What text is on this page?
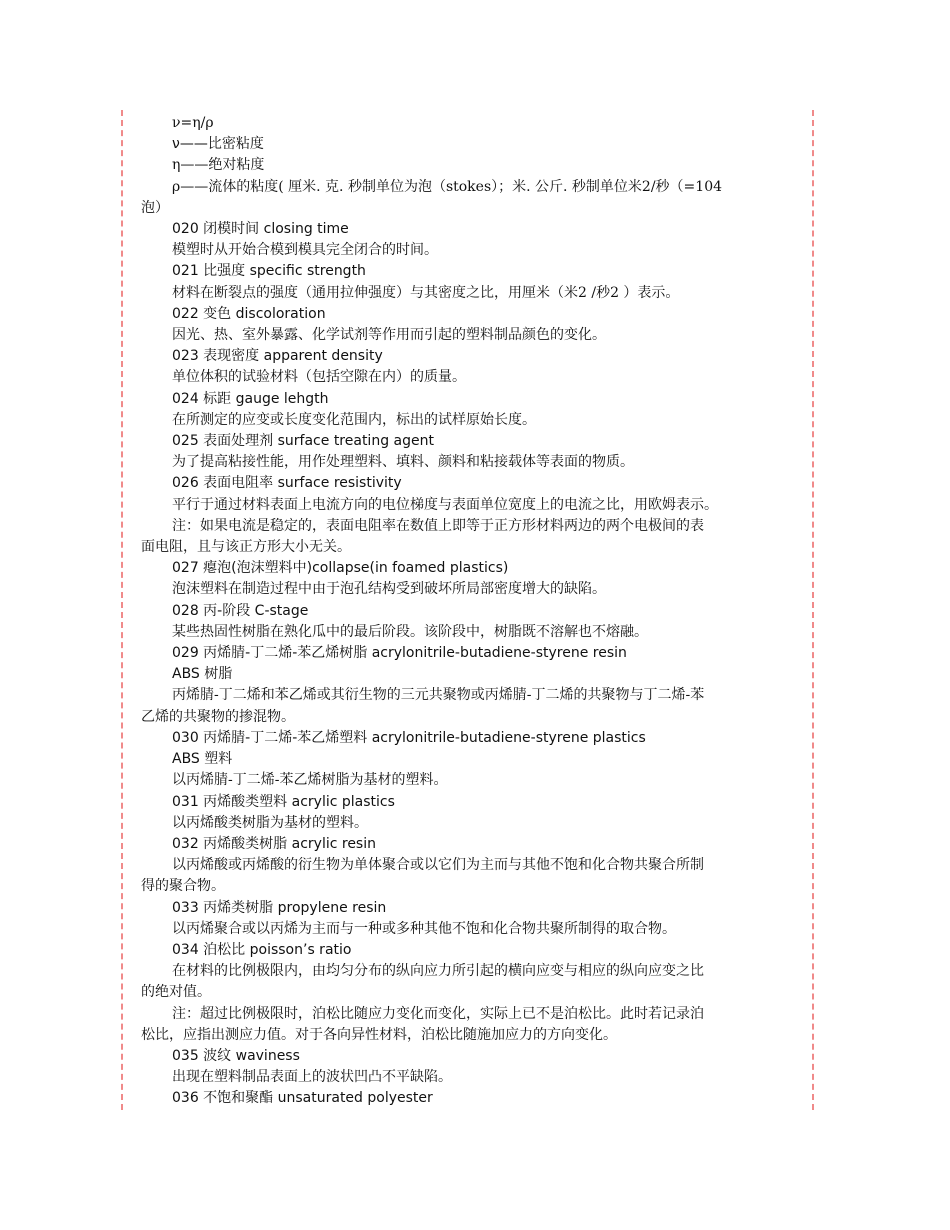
ν=η/ρ
ν——比密粘度
η——绝对粘度
ρ——流体的粘度( 厘米. 克. 秒制单位为泡（stokes）；米. 公斤. 秒制单位米2/秒（=104
泡）
020 闭模时间 closing time
模塑时从开始合模到模具完全闭合的时间。
021 比强度 specific strength
材料在断裂点的强度（通用拉伸强度）与其密度之比，用厘米（米2 /秒2 ）表示。
022 变色 discoloration
因光、热、室外暴露、化学试剂等作用而引起的塑料制品颜色的变化。
023 表现密度 apparent density
单位体积的试验材料（包括空隙在内）的质量。
024 标距 gauge lehgth
在所测定的应变或长度变化范围内，标出的试样原始长度。
025 表面处理剂 surface treating agent
为了提高粘接性能，用作处理塑料、填料、颜料和粘接载体等表面的物质。
026 表面电阻率 surface resistivity
平行于通过材料表面上电流方向的电位梯度与表面单位宽度上的电流之比，用欧姆表示。
注：如果电流是稳定的，表面电阻率在数值上即等于正方形材料两边的两个电极间的表
面电阻，且与该正方形大小无关。
027 瘪泡(泡沫塑料中)collapse(in foamed plastics)
泡沫塑料在制造过程中由于泡孔结构受到破坏所局部密度增大的缺陷。
028 丙-阶段 C-stage
某些热固性树脂在熟化瓜中的最后阶段。该阶段中，树脂既不溶解也不熔融。
029 丙烯腈-丁二烯-苯乙烯树脂 acrylonitrile-butadiene-styrene resin
ABS 树脂
丙烯腈-丁二烯和苯乙烯或其衍生物的三元共聚物或丙烯腈-丁二烯的共聚物与丁二烯-苯
乙烯的共聚物的掺混物。
030 丙烯腈-丁二烯-苯乙烯塑料 acrylonitrile-butadiene-styrene plastics
ABS 塑料
以丙烯腈-丁二烯-苯乙烯树脂为基材的塑料。
031 丙烯酸类塑料 acrylic plastics
以丙烯酸类树脂为基材的塑料。
032 丙烯酸类树脂 acrylic resin
以丙烯酸或丙烯酸的衍生物为单体聚合或以它们为主而与其他不饱和化合物共聚合所制
得的聚合物。
033 丙烯类树脂 propylene resin
以丙烯聚合或以丙烯为主而与一种或多种其他不饱和化合物共聚所制得的取合物。
034 泊松比 poisson’s ratio
在材料的比例极限内，由均匀分布的纵向应力所引起的横向应变与相应的纵向应变之比
的绝对值。
注：超过比例极限时，泊松比随应力变化而变化，实际上已不是泊松比。此时若记录泊
松比，应指出测应力值。对于各向异性材料，泊松比随施加应力的方向变化。
035 波纹 waviness
出现在塑料制品表面上的波状凹凸不平缺陷。
036 不饱和聚酯 unsaturated polyester
